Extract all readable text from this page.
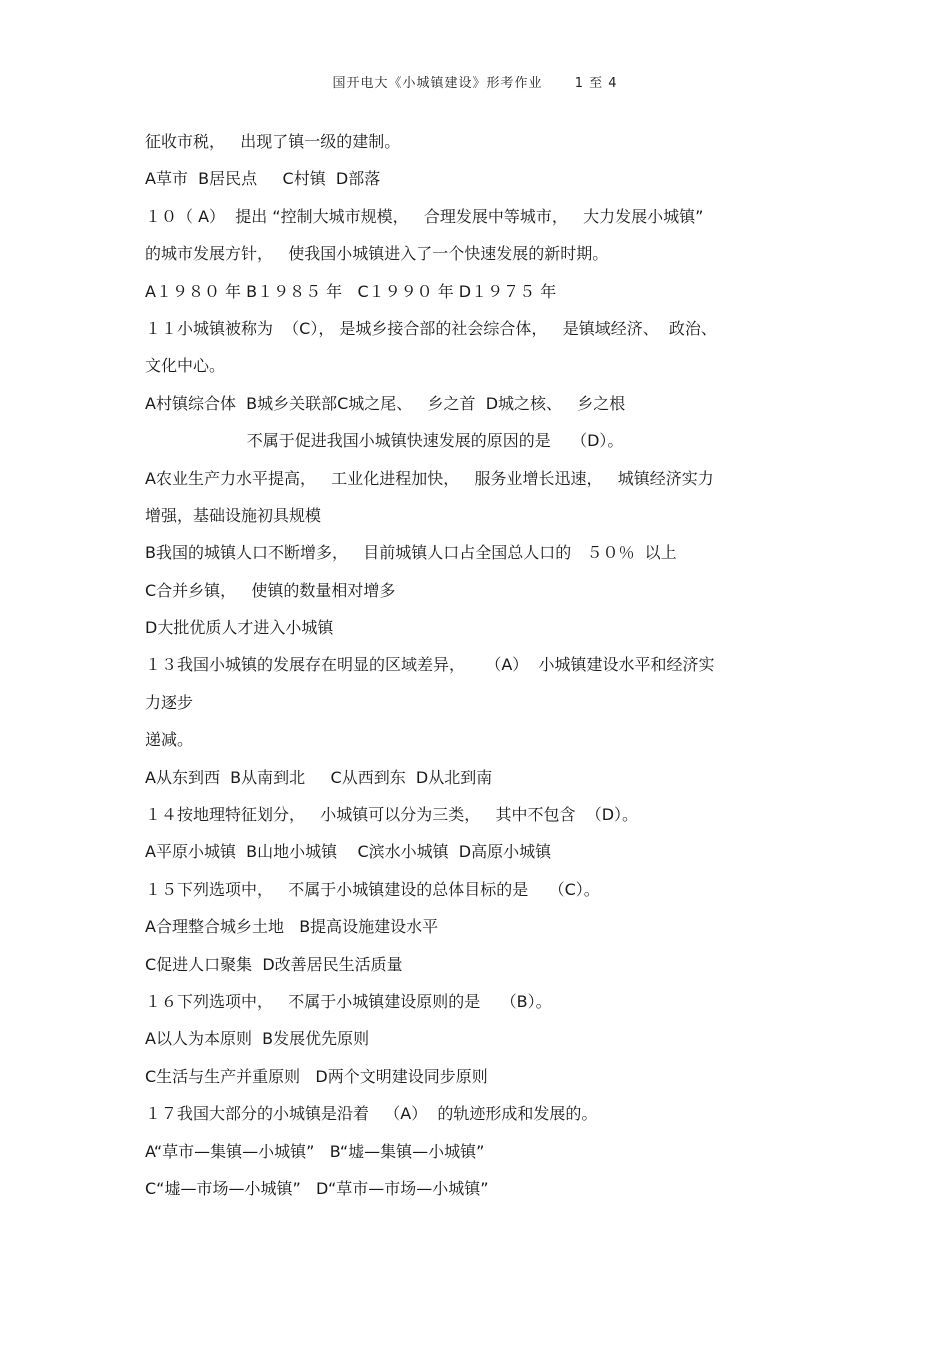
国开电大《小城镇建设》形考作业 1 至 4
征收市税，   出现了镇一级的建制。
A草市  B居民点     C村镇  D部落
１０（ A）  提出 “控制大城市规模，   合理发展中等城市，   大力发展小城镇”
的城市发展方针，   使我国小城镇进入了一个快速发展的新时期。
A１９８０ 年 B１９８５ 年   C１９９０ 年 D１９７５ 年
１１小城镇被称为  （C）， 是城乡接合部的社会综合体，   是镇域经济、  政治、
文化中心。
A村镇综合体  B城乡关联部C城之尾、   乡之首  D城之核、   乡之根
不属于促进我国小城镇快速发展的原因的是    （D）。
A农业生产力水平提高，   工业化进程加快，   服务业增长迅速，   城镇经济实力
增强，基础设施初具规模
B我国的城镇人口不断增多，   目前城镇人口占全国总人口的   ５０％  以上
C合并乡镇，   使镇的数量相对增多
D大批优质人才进入小城镇
１３我国小城镇的发展存在明显的区域差异，    （A）  小城镇建设水平和经济实
力逐步
递减。
A从东到西  B从南到北     C从西到东  D从北到南
１４按地理特征划分，   小城镇可以分为三类，   其中不包含  （D）。
A平原小城镇  B山地小城镇    C滨水小城镇  D高原小城镇
１５下列选项中，   不属于小城镇建设的总体目标的是    （C）。
A合理整合城乡土地   B提高设施建设水平
C促进人口聚集  D改善居民生活质量
１６下列选项中，   不属于小城镇建设原则的是    （B）。
A以人为本原则  B发展优先原则
C生活与生产并重原则   D两个文明建设同步原则
１７我国大部分的小城镇是沿着   （A）  的轨迹形成和发展的。
A“草市—集镇—小城镇”   B“墟—集镇—小城镇”
C“墟—市场—小城镇”   D“草市—市场—小城镇”
